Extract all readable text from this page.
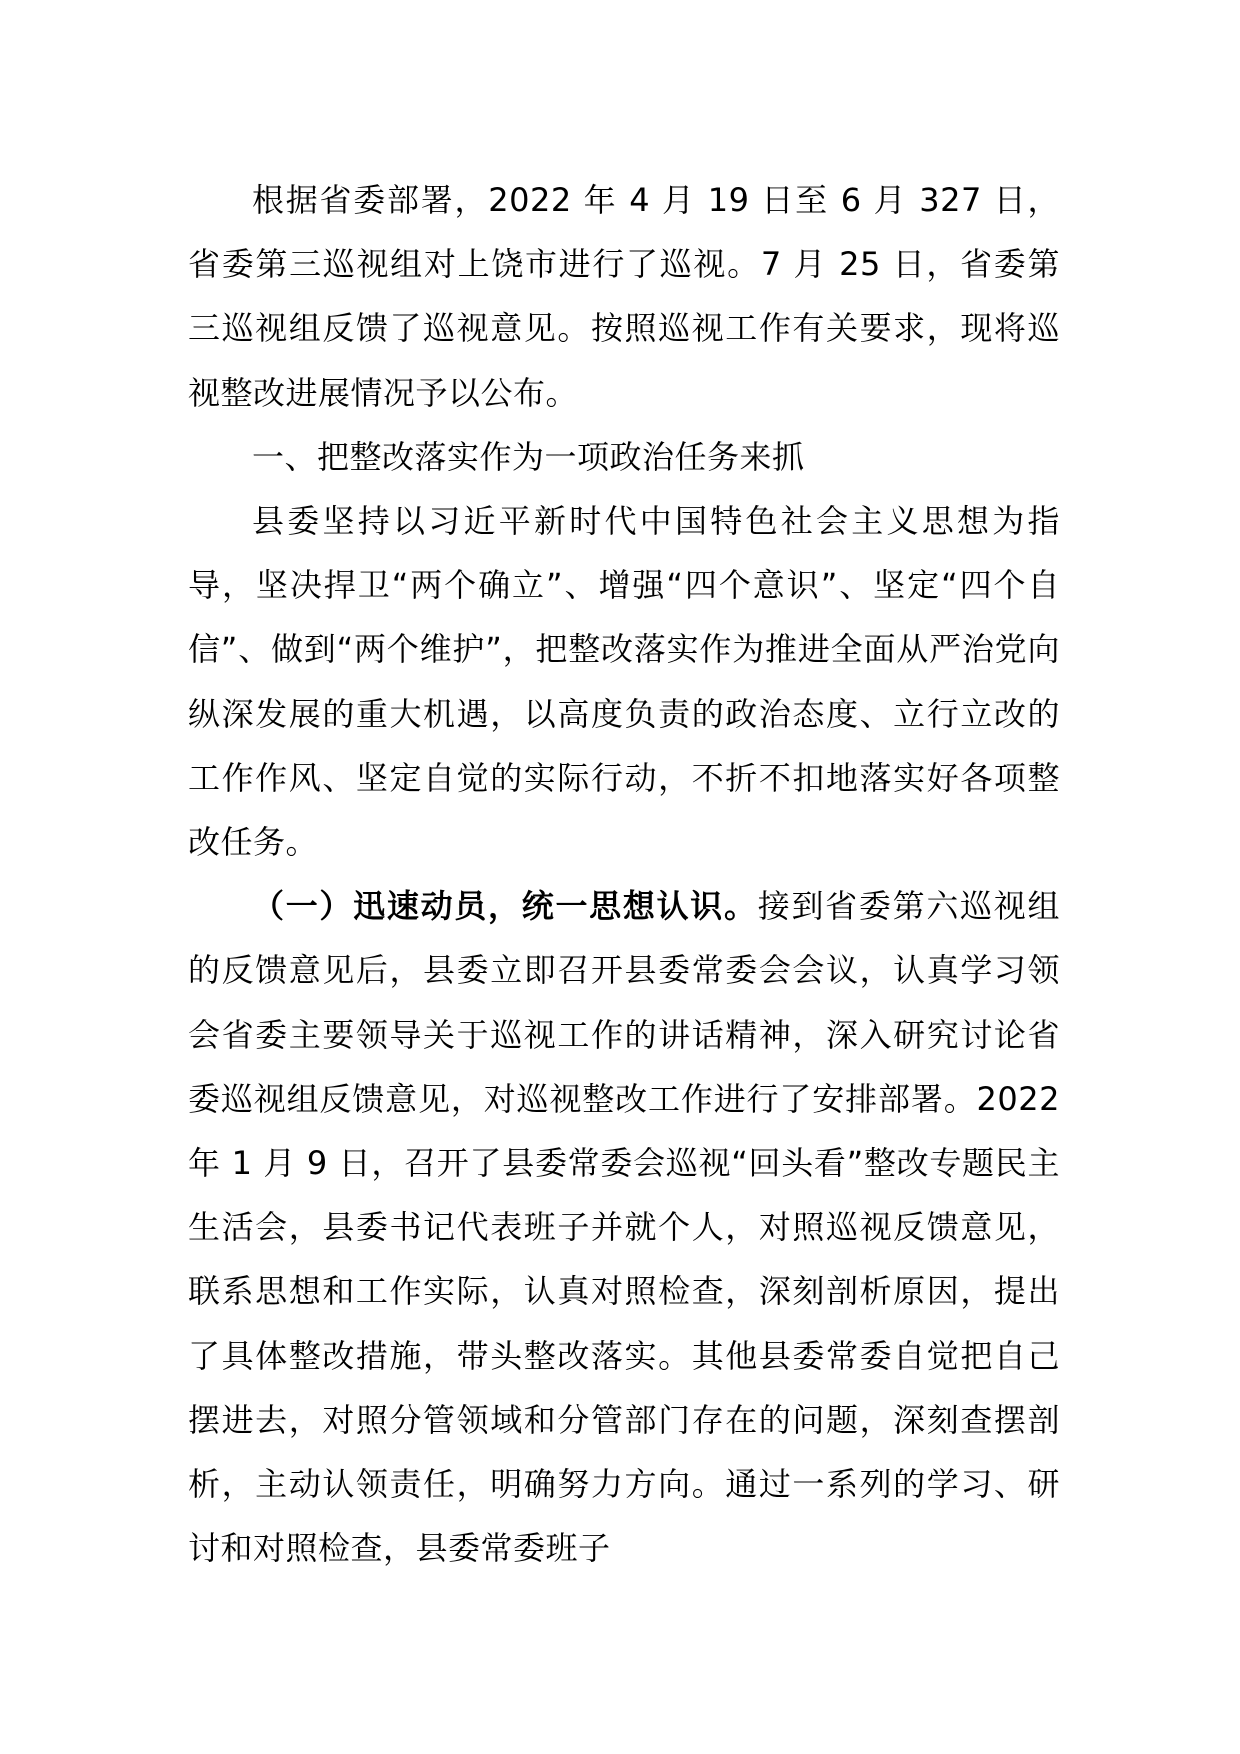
根据省委部署，2022 年 4 月 19 日至 6 月 327 日，省委第三巡视组对上饶市进行了巡视。7 月 25 日，省委第三巡视组反馈了巡视意见。按照巡视工作有关要求，现将巡视整改进展情况予以公布。

一、把整改落实作为一项政治任务来抓

县委坚持以习近平新时代中国特色社会主义思想为指导，坚决捍卫“两个确立”、增强“四个意识”、坚定“四个自信”、做到“两个维护”，把整改落实作为推进全面从严治党向纵深发展的重大机遇，以高度负责的政治态度、立行立改的工作作风、坚定自觉的实际行动，不折不扣地落实好各项整改任务。

（一）迅速动员，统一思想认识。接到省委第六巡视组的反馈意见后，县委立即召开县委常委会会议，认真学习领会省委主要领导关于巡视工作的讲话精神，深入研究讨论省委巡视组反馈意见，对巡视整改工作进行了安排部署。2022 年 1 月 9 日，召开了县委常委会巡视“回头看”整改专题民主生活会，县委书记代表班子并就个人，对照巡视反馈意见，联系思想和工作实际，认真对照检查，深刻剖析原因，提出了具体整改措施，带头整改落实。其他县委常委自觉把自己摆进去，对照分管领域和分管部门存在的问题，深刻查摆剖析，主动认领责任，明确努力方向。通过一系列的学习、研讨和对照检查，县委常委班子
